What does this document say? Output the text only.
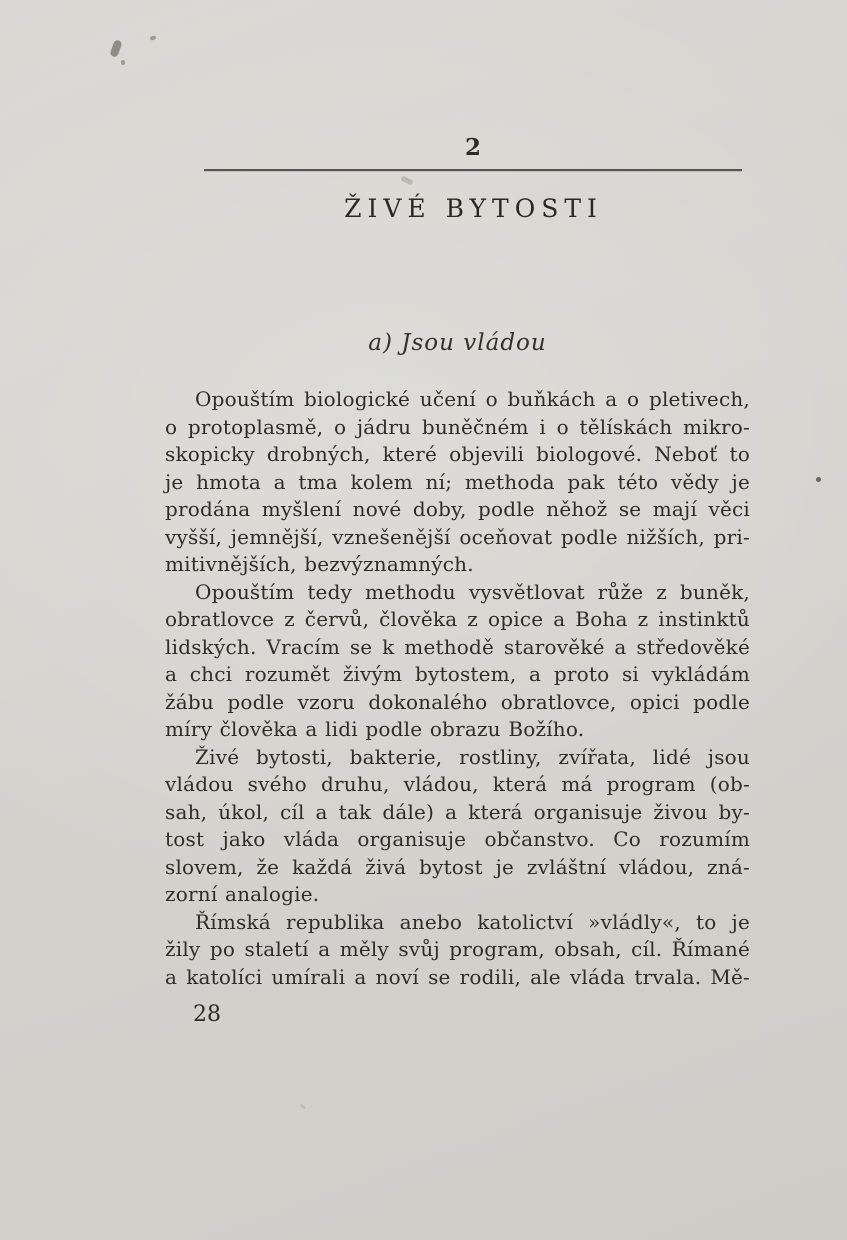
2
ŽIVÉ BYTOSTI
a) Jsou vládou
Opouštím biologické učení o buňkách a o pletivech,
o protoplasmě, o jádru buněčném i o tělískách mikro-
skopicky drobných, které objevili biologové. Neboť to
je hmota a tma kolem ní; methoda pak této vědy je
prodána myšlení nové doby, podle něhož se mají věci
vyšší, jemnější, vznešenější oceňovat podle nižších, pri-
mitivnějších, bezvýznamných.
Opouštím tedy methodu vysvětlovat růže z buněk,
obratlovce z červů, člověka z opice a Boha z instinktů
lidských. Vracím se k methodě starověké a středověké
a chci rozumět živým bytostem, a proto si vykládám
žábu podle vzoru dokonalého obratlovce, opici podle
míry člověka a lidi podle obrazu Božího.
Živé bytosti, bakterie, rostliny, zvířata, lidé jsou
vládou svého druhu, vládou, která má program (ob-
sah, úkol, cíl a tak dále) a která organisuje živou by-
tost jako vláda organisuje občanstvo. Co rozumím
slovem, že každá živá bytost je zvláštní vládou, zná-
zorní analogie.
Římská republika anebo katolictví »vládly«, to je
žily po staletí a měly svůj program, obsah, cíl. Římané
a katolíci umírali a noví se rodili, ale vláda trvala. Mě-
28
